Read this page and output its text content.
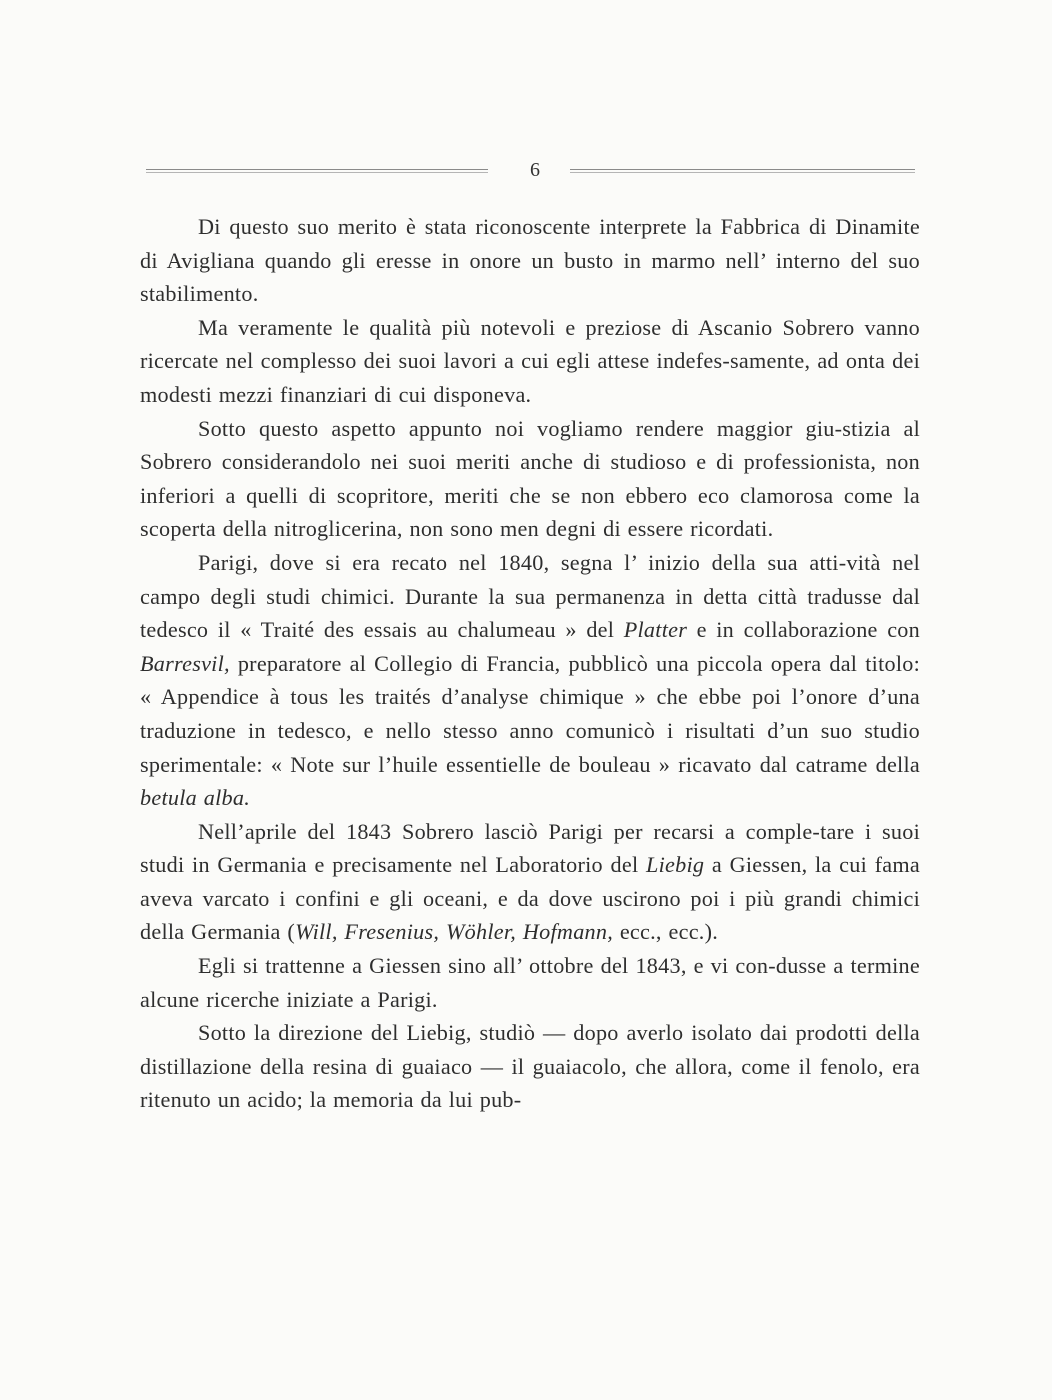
6

Di questo suo merito è stata riconoscente interprete la Fabbrica di Dinamite di Avigliana quando gli eresse in onore un busto in marmo nell’ interno del suo stabilimento.

Ma veramente le qualità più notevoli e preziose di Ascanio Sobrero vanno ricercate nel complesso dei suoi lavori a cui egli attese indefes-samente, ad onta dei modesti mezzi finanziari di cui disponeva.

Sotto questo aspetto appunto noi vogliamo rendere maggior giu-stizia al Sobrero considerandolo nei suoi meriti anche di studioso e di professionista, non inferiori a quelli di scopritore, meriti che se non ebbero eco clamorosa come la scoperta della nitroglicerina, non sono men degni di essere ricordati.

Parigi, dove si era recato nel 1840, segna l’ inizio della sua atti-vità nel campo degli studi chimici. Durante la sua permanenza in detta città tradusse dal tedesco il « Traité des essais au chalumeau » del Platter e in collaborazione con Barresvil, preparatore al Collegio di Francia, pubblicò una piccola opera dal titolo: « Appendice à tous les traités d’analyse chimique » che ebbe poi l’onore d’una traduzione in tedesco, e nello stesso anno comunicò i risultati d’un suo studio sperimentale: « Note sur l’huile essentielle de bouleau » ricavato dal catrame della betula alba.

Nell’aprile del 1843 Sobrero lasciò Parigi per recarsi a comple-tare i suoi studi in Germania e precisamente nel Laboratorio del Liebig a Giessen, la cui fama aveva varcato i confini e gli oceani, e da dove uscirono poi i più grandi chimici della Germania (Will, Fresenius, Wöhler, Hofmann, ecc., ecc.).

Egli si trattenne a Giessen sino all’ ottobre del 1843, e vi con-dusse a termine alcune ricerche iniziate a Parigi.

Sotto la direzione del Liebig, studiò — dopo averlo isolato dai prodotti della distillazione della resina di guaiaco — il guaiacolo, che allora, come il fenolo, era ritenuto un acido; la memoria da lui pub-
